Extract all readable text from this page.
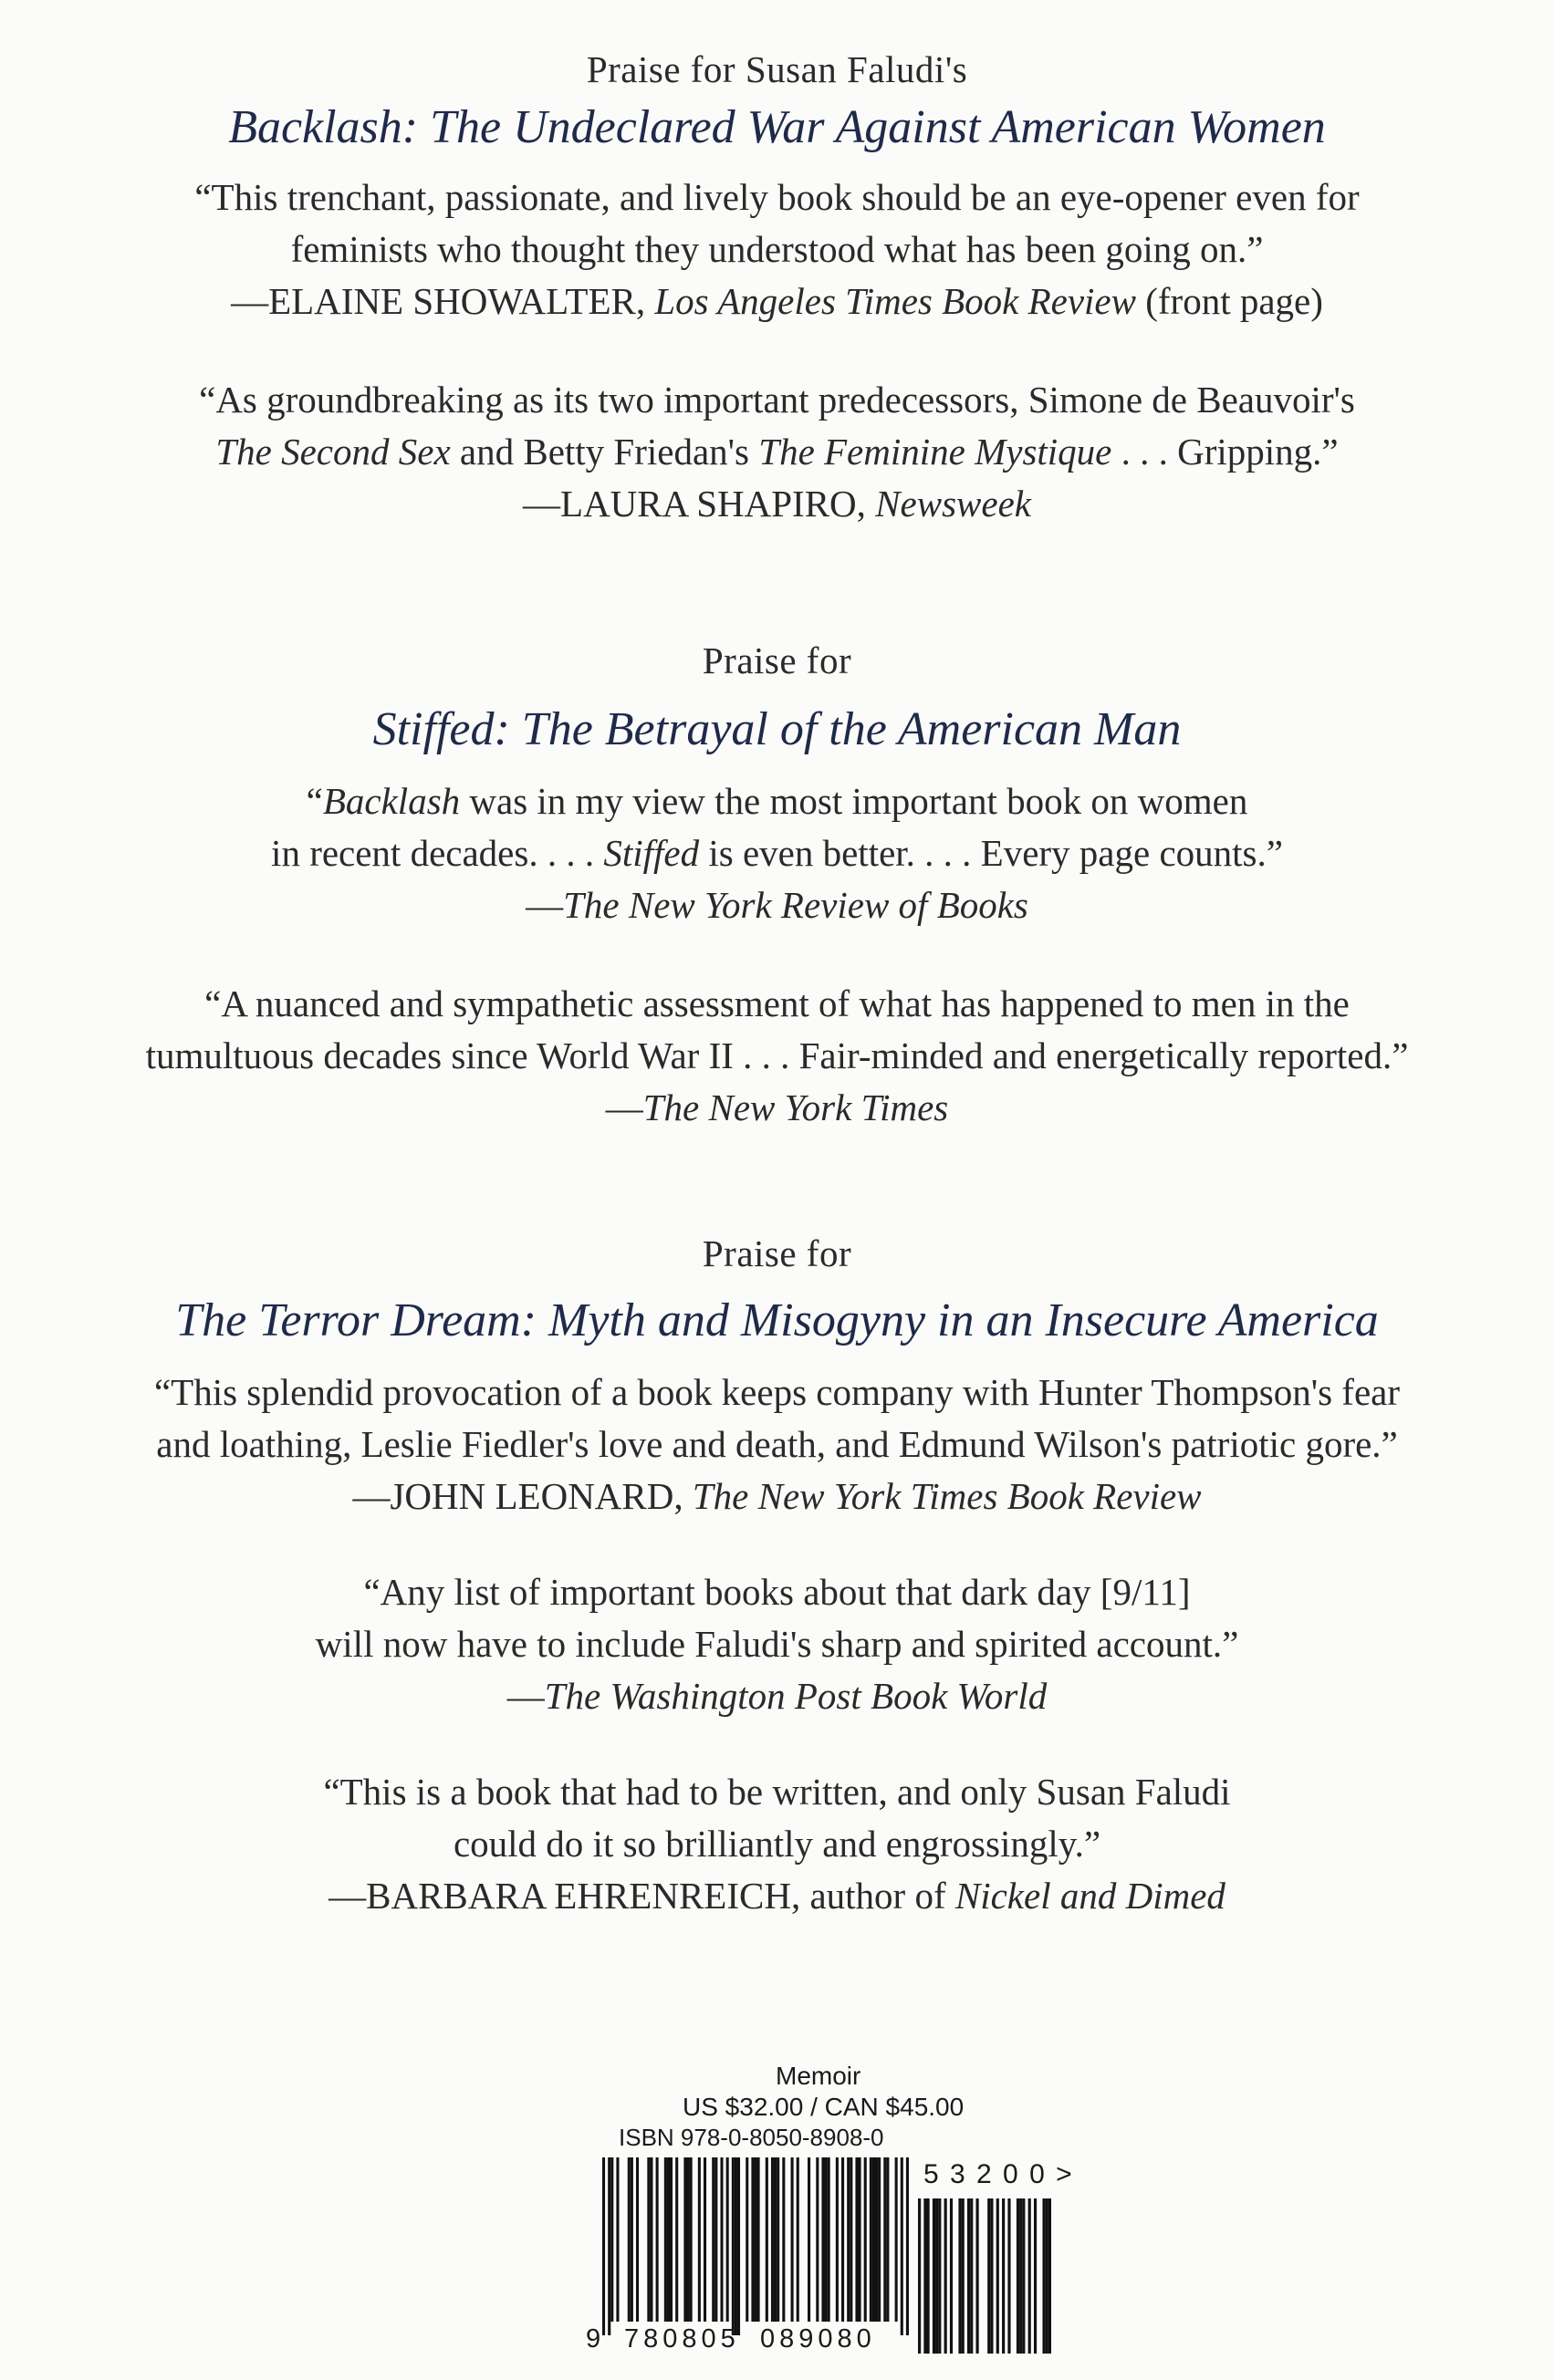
Praise for Susan Faludi's
Backlash: The Undeclared War Against American Women
“This trenchant, passionate, and lively book should be an eye-opener even for
feminists who thought they understood what has been going on.”
—ELAINE SHOWALTER, Los Angeles Times Book Review (front page)
“As groundbreaking as its two important predecessors, Simone de Beauvoir's
The Second Sex and Betty Friedan's The Feminine Mystique . . . Gripping.”
—LAURA SHAPIRO, Newsweek
Praise for
Stiffed: The Betrayal of the American Man
“Backlash was in my view the most important book on women
in recent decades. . . . Stiffed is even better. . . . Every page counts.”
—The New York Review of Books
“A nuanced and sympathetic assessment of what has happened to men in the
tumultuous decades since World War II . . . Fair-minded and energetically reported.”
—The New York Times
Praise for
The Terror Dream: Myth and Misogyny in an Insecure America
“This splendid provocation of a book keeps company with Hunter Thompson's fear
and loathing, Leslie Fiedler's love and death, and Edmund Wilson's patriotic gore.”
—JOHN LEONARD, The New York Times Book Review
“Any list of important books about that dark day [9/11]
will now have to include Faludi's sharp and spirited account.”
—The Washington Post Book World
“This is a book that had to be written, and only Susan Faludi
could do it so brilliantly and engrossingly.”
—BARBARA EHRENREICH, author of Nickel and Dimed
Memoir
US $32.00 / CAN $45.00
ISBN 978-0-8050-8908-0
5 3 2 0 0 >
9 780805 089080
